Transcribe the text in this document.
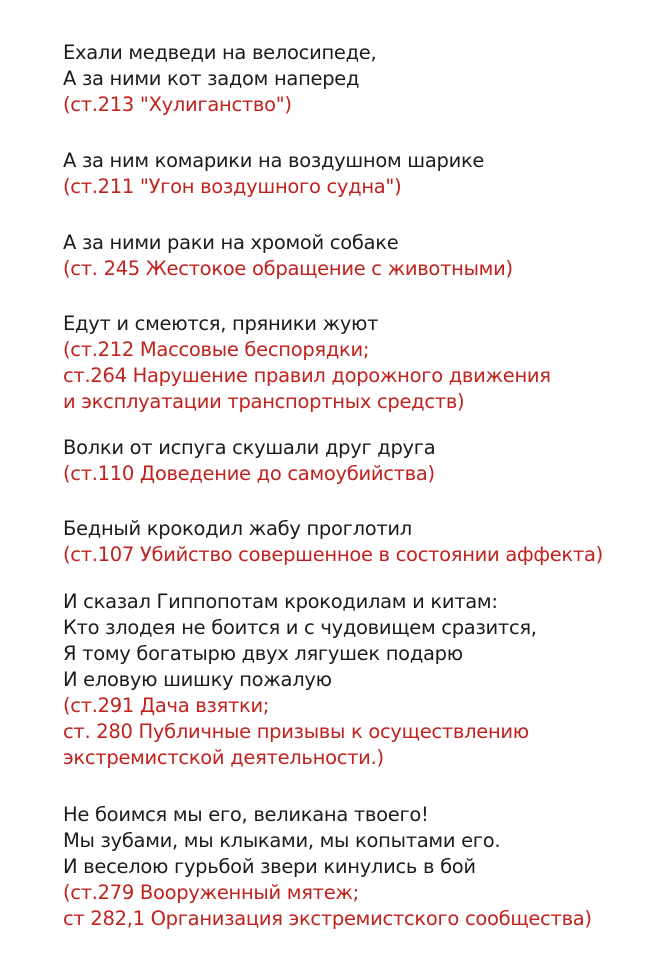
Ехали медведи на велосипеде,
А за ними кот задом наперед
(ст.213 "Хулиганство")
А за ним комарики на воздушном шарике
(ст.211 "Угон воздушного судна")
А за ними раки на хромой собаке
(ст. 245 Жестокое обращение с животными)
Едут и смеются, пряники жуют
(ст.212 Массовые беспорядки;
ст.264 Нарушение правил дорожного движения
и эксплуатации транспортных средств)
Волки от испуга скушали друг друга
(ст.110 Доведение до самоубийства)
Бедный крокодил жабу проглотил
(ст.107 Убийство совершенное в состоянии аффекта)
И сказал Гиппопотам крокодилам и китам:
Кто злодея не боится и с чудовищем сразится,
Я тому богатырю двух лягушек подарю
И еловую шишку пожалую
(ст.291 Дача взятки;
ст. 280 Публичные призывы к осуществлению
экстремистской деятельности.)
Не боимся мы его, великана твоего!
Мы зубами, мы клыками, мы копытами его.
И веселою гурьбой звери кинулись в бой
(ст.279 Вооруженный мятеж;
ст 282,1 Организация экстремистского сообщества)
